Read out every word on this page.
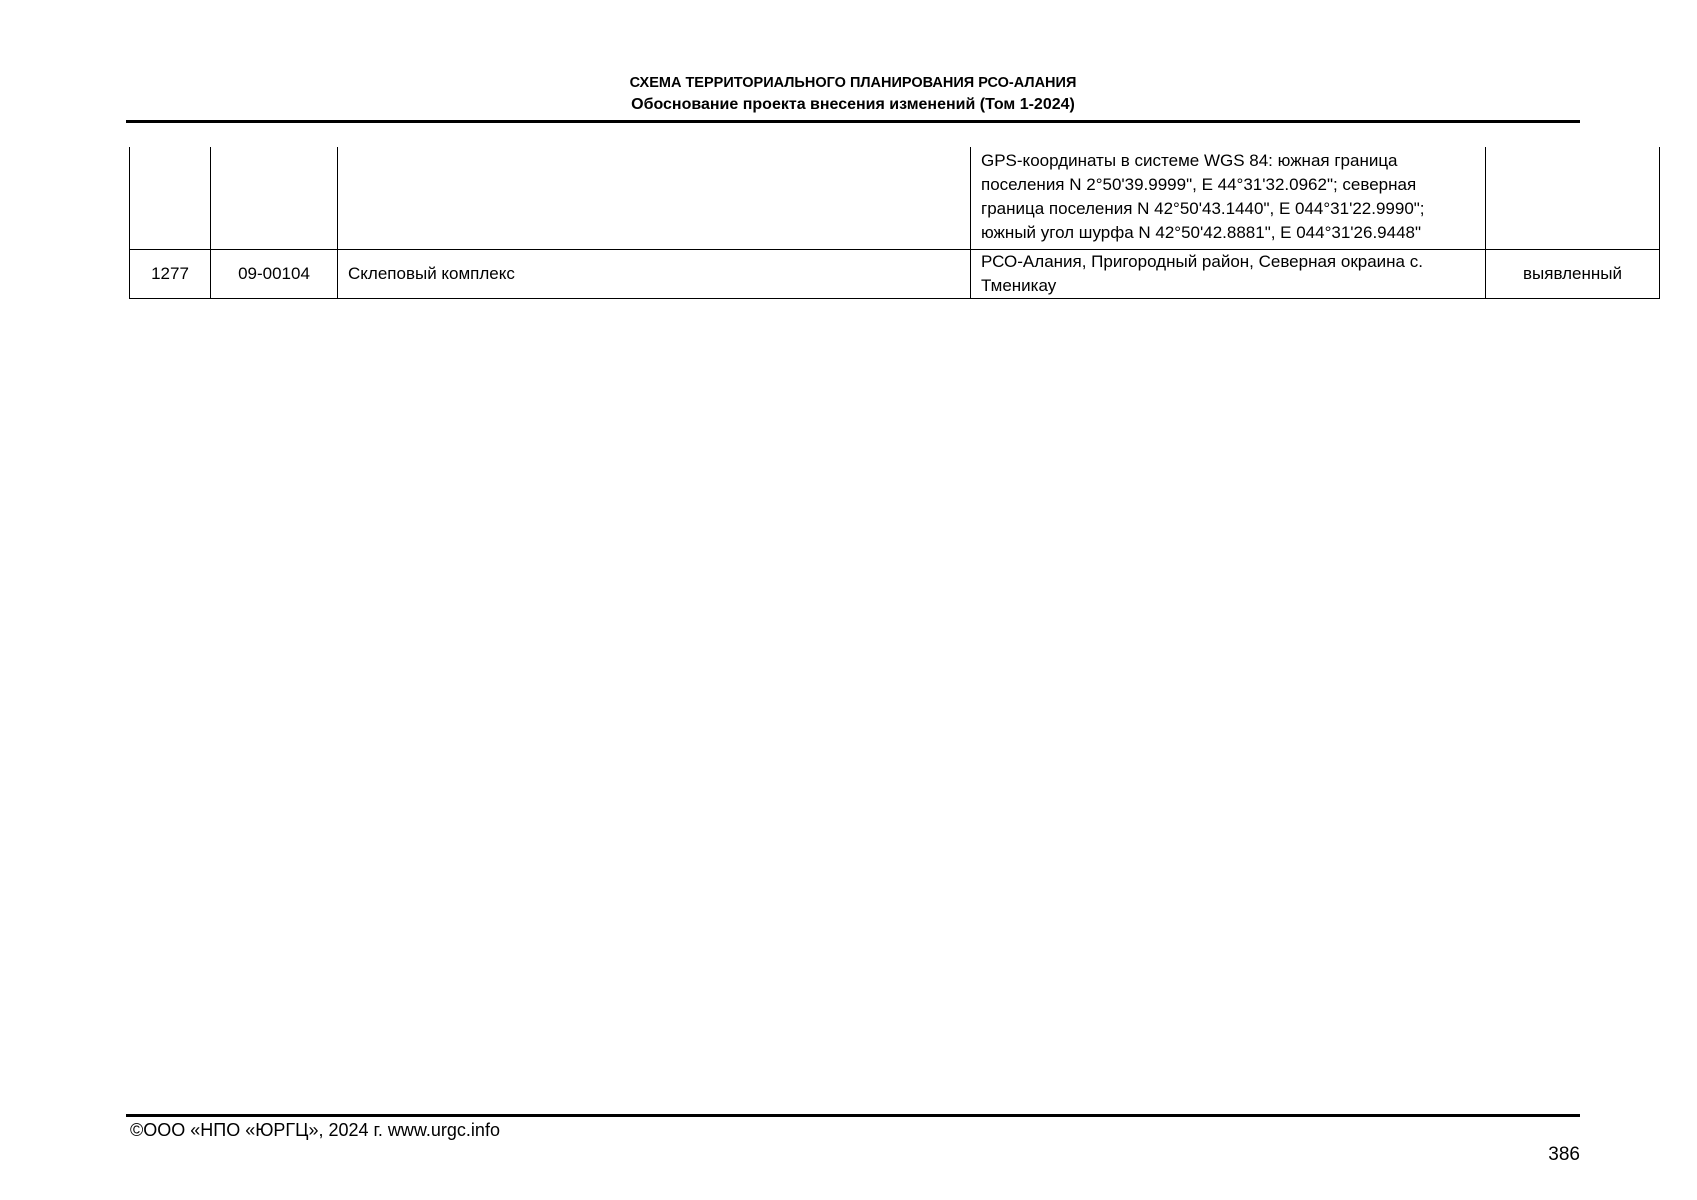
СХЕМА ТЕРРИТОРИАЛЬНОГО ПЛАНИРОВАНИЯ РСО-АЛАНИЯ
Обоснование проекта внесения изменений (Том 1-2024)
			GPS-координаты в системе WGS 84: южная граница поселения N 2°50'39.9999", E 44°31'32.0962"; северная граница поселения N 42°50'43.1440", E 044°31'22.9990"; южный угол шурфа N 42°50'42.8881", E 044°31'26.9448"	
1277	09-00104	Склеповый комплекс	РСО-Алания, Пригородный район, Северная окраина с. Тменикау	выявленный
©ООО «НПО «ЮРГЦ», 2024 г. www.urgc.info
386
